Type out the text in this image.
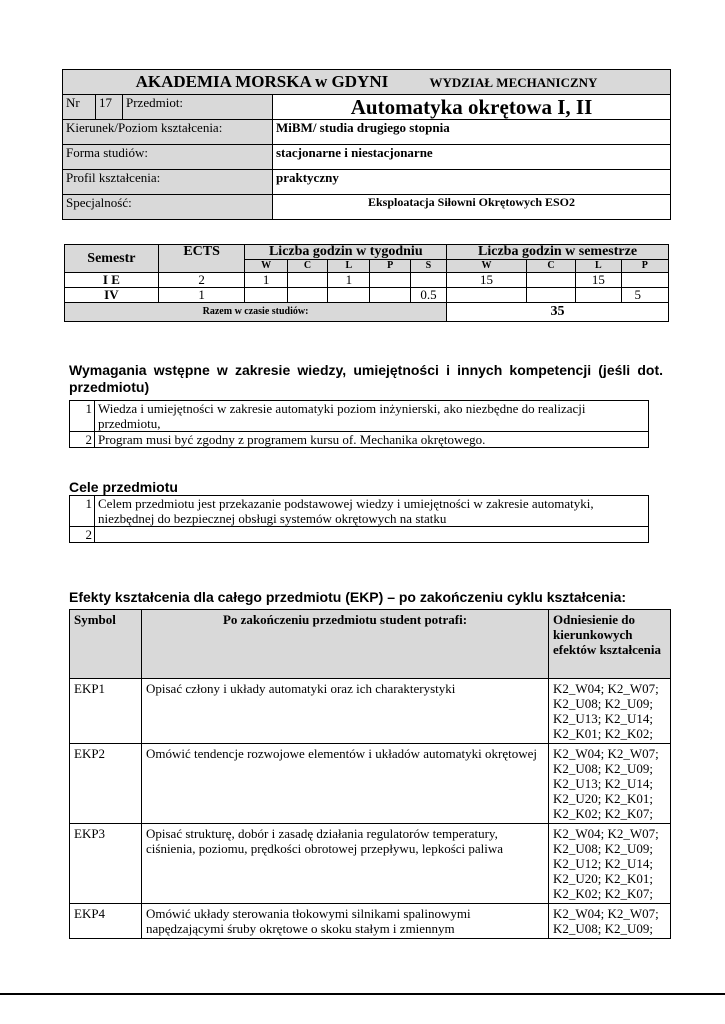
AKADEMIA MORSKA w GDYNI WYDZIAŁ MECHANICZNY			
Nr	17	Przedmiot:	Automatyka okrętowa I, II
Kierunek/Poziom kształcenia:			MiBM/ studia drugiego stopnia
Forma studiów:			stacjonarne i niestacjonarne
Profil kształcenia:			praktyczny
Specjalność:			Eksploatacja Siłowni Okrętowych ESO2
Semestr	ECTS	Liczba godzin w tygodniu					Liczba godzin w semestrze			
		W	C	L	P	S	W	C	L	P
I E	2	1		1			15		15	
IV	1					0.5				5
Razem w czasie studiów:							35			
Wymagania wstępne w zakresie wiedzy, umiejętności i innych kompetencji (jeśli dot.
przedmiotu)
1	Wiedza i umiejętności w zakresie automatyki poziom inżynierski, ako niezbędne do realizacji przedmiotu,
2	Program musi być zgodny z programem kursu of. Mechanika okrętowego.
Cele przedmiotu
1	Celem przedmiotu jest przekazanie podstawowej wiedzy i umiejętności w zakresie automatyki, niezbędnej do bezpiecznej obsługi systemów okrętowych na statku
2	
Efekty kształcenia dla całego przedmiotu (EKP) – po zakończeniu cyklu kształcenia:
Symbol	Po zakończeniu przedmiotu student potrafi:	Odniesienie do kierunkowych efektów kształcenia
EKP1	Opisać człony i układy automatyki oraz ich charakterystyki	K2_W04; K2_W07; K2_U08; K2_U09; K2_U13; K2_U14; K2_K01; K2_K02;
EKP2	Omówić tendencje rozwojowe elementów i układów automatyki okrętowej	K2_W04; K2_W07; K2_U08; K2_U09; K2_U13; K2_U14; K2_U20; K2_K01; K2_K02; K2_K07;
EKP3	Opisać strukturę, dobór i zasadę działania regulatorów temperatury, ciśnienia, poziomu, prędkości obrotowej przepływu, lepkości paliwa	K2_W04; K2_W07; K2_U08; K2_U09; K2_U12; K2_U14; K2_U20; K2_K01; K2_K02; K2_K07;
EKP4	Omówić układy sterowania tłokowymi silnikami spalinowymi napędzającymi śruby okrętowe o skoku stałym i zmiennym	K2_W04; K2_W07; K2_U08; K2_U09;
